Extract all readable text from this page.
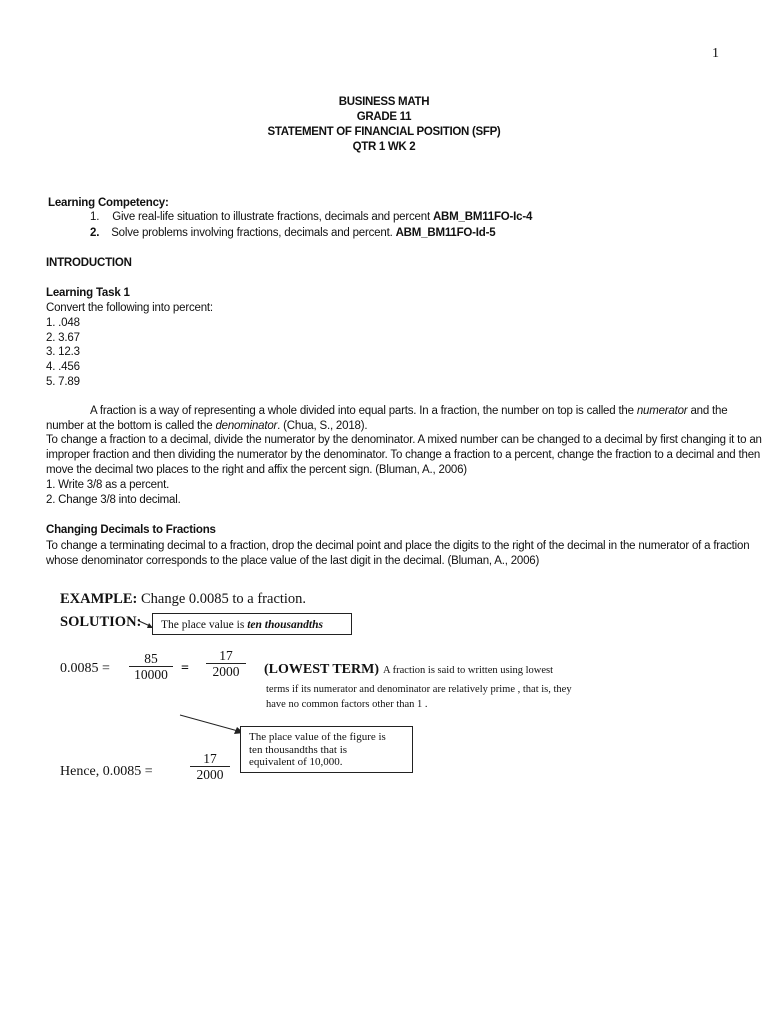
1
BUSINESS MATH
GRADE 11
STATEMENT OF FINANCIAL POSITION (SFP)
QTR 1 WK 2
Learning Competency:
1. Give real-life situation to illustrate fractions, decimals and percent ABM_BM11FO-Ic-4
2. Solve problems involving fractions, decimals and percent. ABM_BM11FO-Id-5
INTRODUCTION
Learning Task 1
Convert the following into percent:
1. .048
2. 3.67
3. 12.3
4. .456
5. 7.89
A fraction is a way of representing a whole divided into equal parts. In a fraction, the number on top is called the numerator and the
number at the bottom is called the denominator. (Chua, S., 2018).
To change a fraction to a decimal, divide the numerator by the denominator. A mixed number can be changed to a decimal by first changing it to an
improper fraction and then dividing the numerator by the denominator. To change a fraction to a percent, change the fraction to a decimal and then
move the decimal two places to the right and affix the percent sign. (Bluman, A., 2006)
1. Write 3/8 as a percent.
2. Change 3/8 into decimal.
Changing Decimals to Fractions
To change a terminating decimal to a fraction, drop the decimal point and place the digits to the right of the decimal in the numerator of a fraction
whose denominator corresponds to the place value of the last digit in the decimal. (Bluman, A., 2006)
EXAMPLE: Change 0.0085 to a fraction.
SOLUTION:	The place value is ten thousandths
$0.0085 = \frac{85}{10000} = \frac{17}{2000}$ (LOWEST TERM) A fraction is said to written using lowest
terms if its numerator and denominator are relatively prime , that is, they
have no common factors other than 1 .
Hence, 0.0085 =	$\frac{17}{2000}$
The place value of the figure is
ten thousandths that is
equivalent of 10,000.
